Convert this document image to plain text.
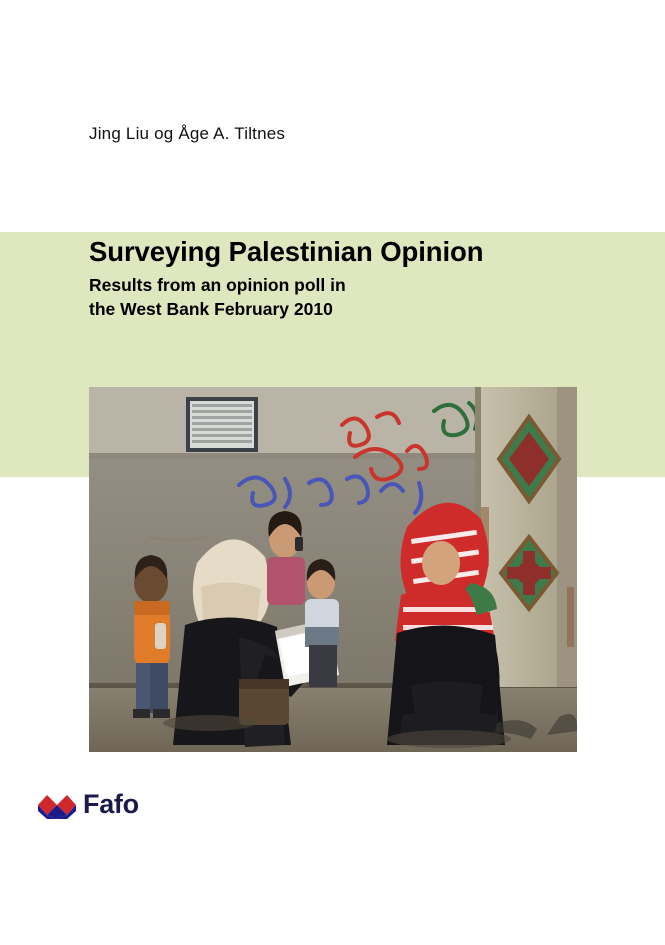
Jing Liu og Åge A. Tiltnes
Surveying Palestinian Opinion
Results from an opinion poll in
the West Bank February 2010
Fafo
